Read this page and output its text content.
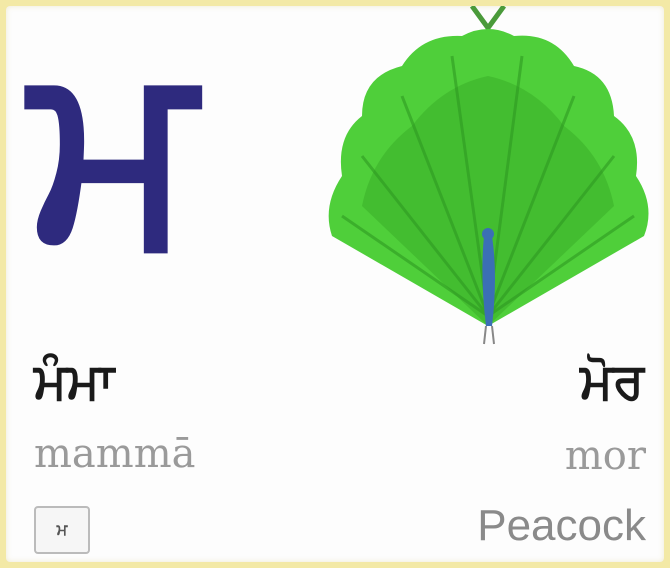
ਮ
ਮੰਮਾ
mammā
ਮ
ਮੋਰ
mor
Peacock
